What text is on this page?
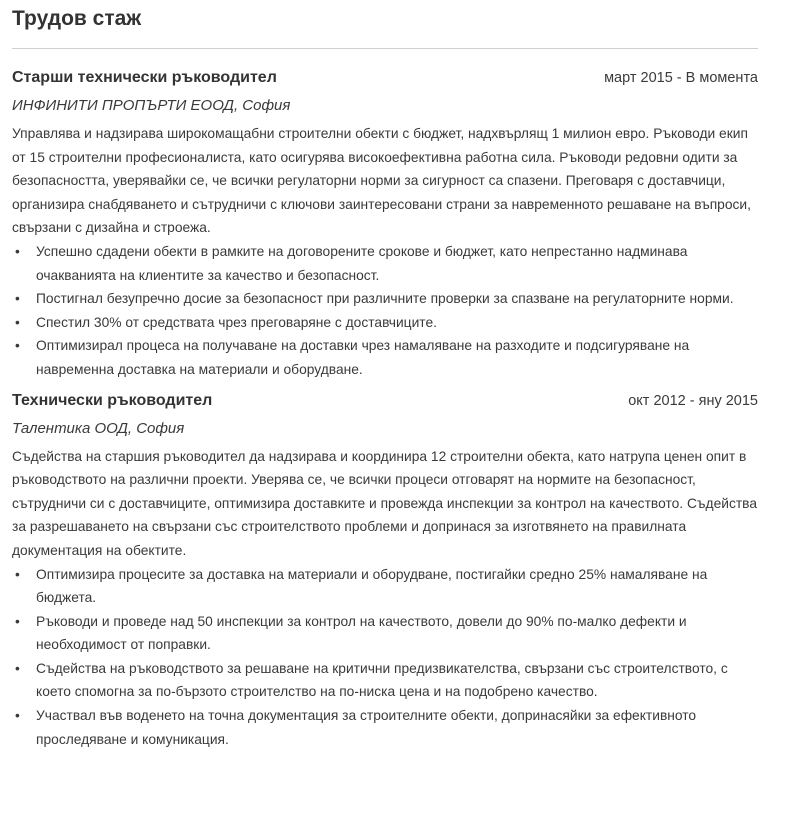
Трудов стаж
Старши технически ръководител	март 2015 - В момента
ИНФИНИТИ ПРОПЪРТИ ЕООД, София

Управлява и надзирава широкомащабни строителни обекти с бюджет, надхвърлящ 1 милион евро. Ръководи екип от 15 строителни професионалиста, като осигурява високоефективна работна сила. Ръководи редовни одити за безопасността, уверявайки се, че всички регулаторни норми за сигурност са спазени. Преговаря с доставчици, организира снабдяването и сътрудничи с ключови заинтересовани страни за навременното решаване на въпроси, свързани с дизайна и строежа.

• Успешно сдадени обекти в рамките на договорените срокове и бюджет, като непрестанно надминава очакванията на клиентите за качество и безопасност.
• Постигнал безупречно досие за безопасност при различните проверки за спазване на регулаторните норми.
• Спестил 30% от средствата чрез преговаряне с доставчиците.
• Оптимизирал процеса на получаване на доставки чрез намаляване на разходите и подсигуряване на навременна доставка на материали и оборудване.
Технически ръководител	окт 2012 - яну 2015
Талентика ООД, София

Съдейства на старшия ръководител да надзирава и координира 12 строителни обекта, като натрупа ценен опит в ръководството на различни проекти. Уверява се, че всички процеси отговарят на нормите на безопасност, сътрудничи си с доставчиците, оптимизира доставките и провежда инспекции за контрол на качеството. Съдейства за разрешаването на свързани със строителството проблеми и допринася за изготвянето на правилната документация на обектите.

• Оптимизира процесите за доставка на материали и оборудване, постигайки средно 25% намаляване на бюджета.
• Ръководи и проведе над 50 инспекции за контрол на качеството, довели до 90% по-малко дефекти и необходимост от поправки.
• Съдейства на ръководството за решаване на критични предизвикателства, свързани със строителството, с което спомогна за по-бързото строителство на по-ниска цена и на подобрено качество.
• Участвал във воденето на точна документация за строителните обекти, допринасяйки за ефективното проследяване и комуникация.
